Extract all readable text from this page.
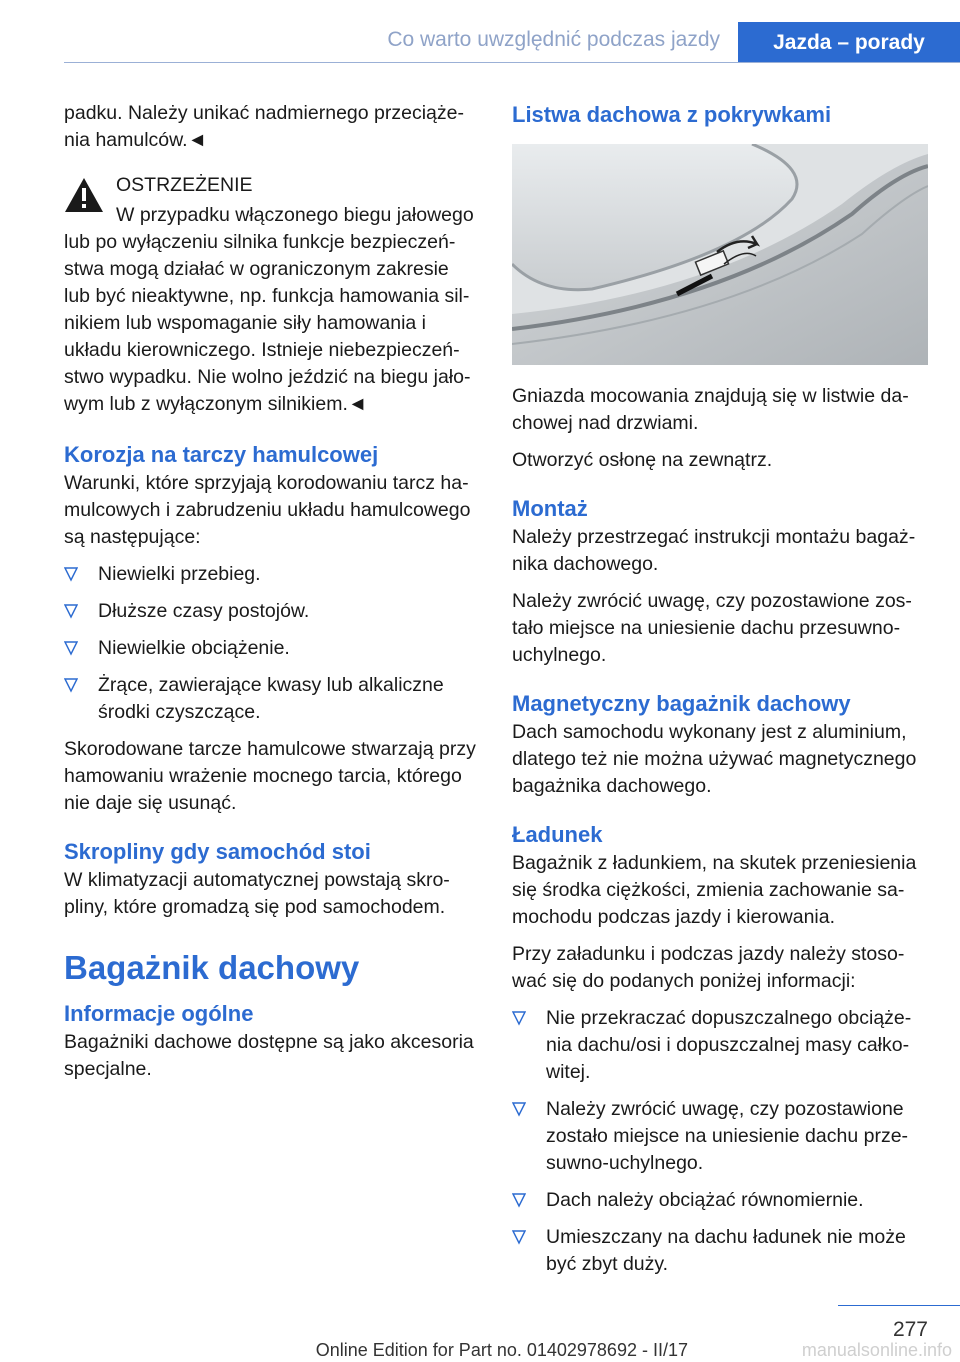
Co warto uwzględnić podczas jazdy	Jazda – porady

padku. Należy unikać nadmiernego przeciążenia hamulców.◄

OSTRZEŻENIE

W przypadku włączonego biegu jałowego lub po wyłączeniu silnika funkcje bezpieczeństwa mogą działać w ograniczonym zakresie lub być nieaktywne, np. funkcja hamowania silnikiem lub wspomaganie siły hamowania i układu kierowniczego. Istnieje niebezpieczeństwo wypadku. Nie wolno jeździć na biegu jałowym lub z wyłączonym silnikiem.◄

Korozja na tarczy hamulcowej

Warunki, które sprzyjają korodowaniu tarcz hamulcowych i zabrudzeniu układu hamulcowego są następujące:

Niewielki przebieg.
Dłuższe czasy postojów.
Niewielkie obciążenie.
Żrące, zawierające kwasy lub alkaliczne środki czyszczące.

Skorodowane tarcze hamulcowe stwarzają przy hamowaniu wrażenie mocnego tarcia, którego nie daje się usunąć.

Skropliny gdy samochód stoi

W klimatyzacji automatycznej powstają skropliny, które gromadzą się pod samochodem.

Bagażnik dachowy
Informacje ogólne

Bagażniki dachowe dostępne są jako akcesoria specjalne.

Listwa dachowa z pokrywkami

Gniazda mocowania znajdują się w listwie dachowej nad drzwiami.

Otworzyć osłonę na zewnątrz.

Montaż

Należy przestrzegać instrukcji montażu bagażnika dachowego.

Należy zwrócić uwagę, czy pozostawione zostało miejsce na uniesienie dachu przesuwno-uchylnego.

Magnetyczny bagażnik dachowy

Dach samochodu wykonany jest z aluminium, dlatego też nie można używać magnetycznego bagażnika dachowego.

Ładunek

Bagażnik z ładunkiem, na skutek przeniesienia się środka ciężkości, zmienia zachowanie samochodu podczas jazdy i kierowania.

Przy załadunku i podczas jazdy należy stosować się do podanych poniżej informacji:

Nie przekraczać dopuszczalnego obciążenia dachu/osi i dopuszczalnej masy całkowitej.
Należy zwrócić uwagę, czy pozostawione zostało miejsce na uniesienie dachu przesuwno-uchylnego.
Dach należy obciążać równomiernie.
Umieszczany na dachu ładunek nie może być zbyt duży.
277
Online Edition for Part no. 01402978692 - II/17	manualsonline.info
